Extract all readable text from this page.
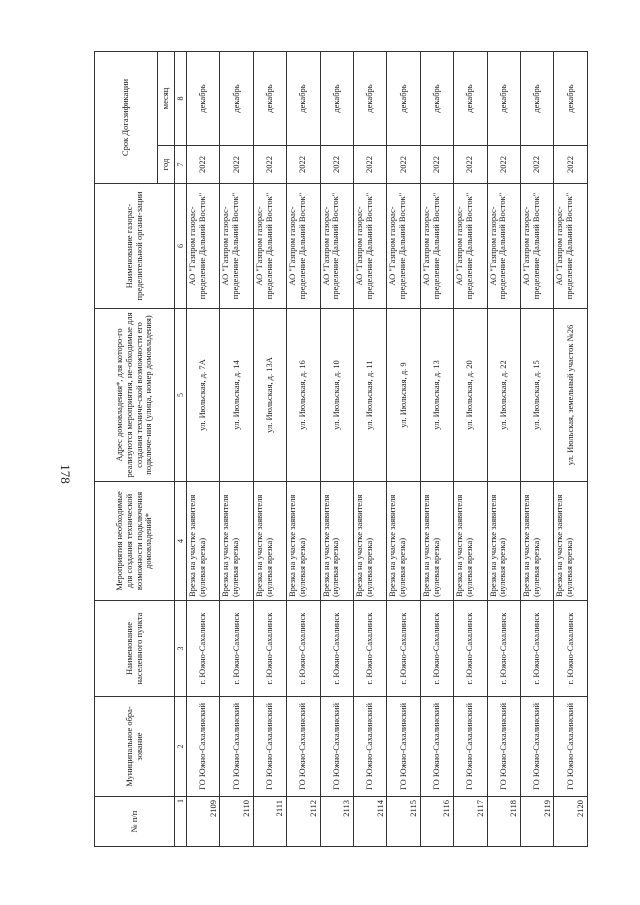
178
№ п/п	Муниципальное обра-зование	Наименование населенного пункта	Мероприятия необходимые для создания технической возможности подключения домовладений*	Адрес домовладения*, для которо-го реализуются мероприятия, не-обходимые для создания техниче-ской возможности его подключе-ния (улица, номер домовладения)	Наименование газорас-пределительной органи-зации	Срок Догазификации	
						год	месяц
1	2	3	4	5	6	7	8
2109	ГО Южно-Сахалинский	г. Южно-Сахалинск	Врезка на участке заявителя (нулевая врезка)	ул. Июльская, д. 7А	АО "Газпром газорас-пределение Дальний Восток"	2022	декабрь
2110	ГО Южно-Сахалинский	г. Южно-Сахалинск	Врезка на участке заявителя (нулевая врезка)	ул. Июльская, д. 14	АО "Газпром газорас-пределение Дальний Восток"	2022	декабрь
2111	ГО Южно-Сахалинский	г. Южно-Сахалинск	Врезка на участке заявителя (нулевая врезка)	ул. Июльская, д. 13А	АО "Газпром газорас-пределение Дальний Восток"	2022	декабрь
2112	ГО Южно-Сахалинский	г. Южно-Сахалинск	Врезка на участке заявителя (нулевая врезка)	ул. Июльская, д. 16	АО "Газпром газорас-пределение Дальний Восток"	2022	декабрь
2113	ГО Южно-Сахалинский	г. Южно-Сахалинск	Врезка на участке заявителя (нулевая врезка)	ул. Июльская, д. 10	АО "Газпром газорас-пределение Дальний Восток"	2022	декабрь
2114	ГО Южно-Сахалинский	г. Южно-Сахалинск	Врезка на участке заявителя (нулевая врезка)	ул. Июльская, д. 11	АО "Газпром газорас-пределение Дальний Восток"	2022	декабрь
2115	ГО Южно-Сахалинский	г. Южно-Сахалинск	Врезка на участке заявителя (нулевая врезка)	ул. Июльская, д. 9	АО "Газпром газорас-пределение Дальний Восток"	2022	декабрь
2116	ГО Южно-Сахалинский	г. Южно-Сахалинск	Врезка на участке заявителя (нулевая врезка)	ул. Июльская, д. 13	АО "Газпром газорас-пределение Дальний Восток"	2022	декабрь
2117	ГО Южно-Сахалинский	г. Южно-Сахалинск	Врезка на участке заявителя (нулевая врезка)	ул. Июльская, д. 20	АО "Газпром газорас-пределение Дальний Восток"	2022	декабрь
2118	ГО Южно-Сахалинский	г. Южно-Сахалинск	Врезка на участке заявителя (нулевая врезка)	ул. Июльская, д. 22	АО "Газпром газорас-пределение Дальний Восток"	2022	декабрь
2119	ГО Южно-Сахалинский	г. Южно-Сахалинск	Врезка на участке заявителя (нулевая врезка)	ул. Июльская, д. 15	АО "Газпром газорас-пределение Дальний Восток"	2022	декабрь
2120	ГО Южно-Сахалинский	г. Южно-Сахалинск	Врезка на участке заявителя (нулевая врезка)	ул. Июльская, земельный участок №26	АО "Газпром газорас-пределение Дальний Восток"	2022	декабрь
